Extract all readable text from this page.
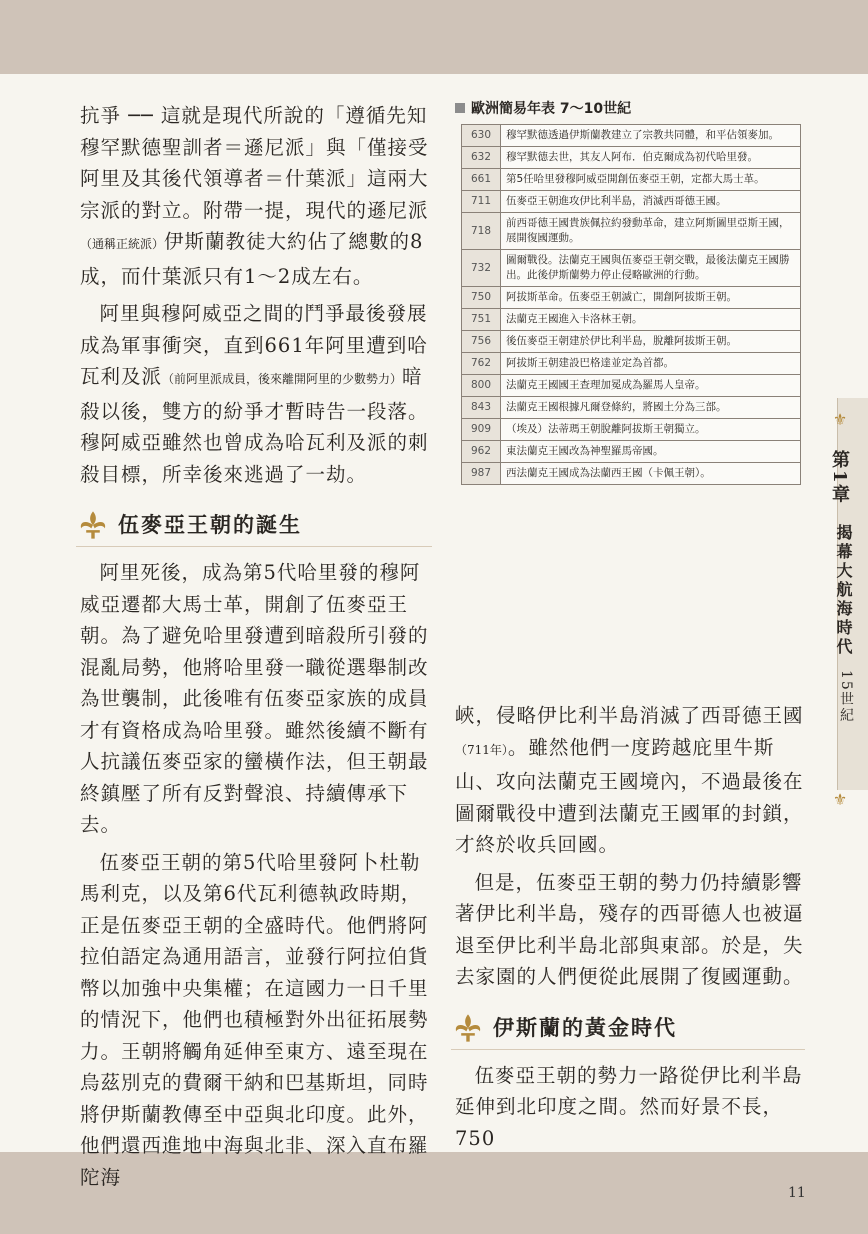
抗爭 ── 這就是現代所說的「遵循先知穆罕默德聖訓者＝遜尼派」與「僅接受阿里及其後代領導者＝什葉派」這兩大宗派的對立。附帶一提，現代的遜尼派（通稱正統派）伊斯蘭教徒大約佔了總數的8成，而什葉派只有1～2成左右。

阿里與穆阿威亞之間的鬥爭最後發展成為軍事衝突，直到661年阿里遭到哈瓦利及派（前阿里派成員，後來離開阿里的少數勢力）暗殺以後，雙方的紛爭才暫時告一段落。穆阿威亞雖然也曾成為哈瓦利及派的刺殺目標，所幸後來逃過了一劫。

伍麥亞王朝的誕生

阿里死後，成為第5代哈里發的穆阿威亞遷都大馬士革，開創了伍麥亞王朝。為了避免哈里發遭到暗殺所引發的混亂局勢，他將哈里發一職從選舉制改為世襲制，此後唯有伍麥亞家族的成員才有資格成為哈里發。雖然後續不斷有人抗議伍麥亞家的蠻橫作法，但王朝最終鎮壓了所有反對聲浪、持續傳承下去。

伍麥亞王朝的第5代哈里發阿卜杜勒馬利克，以及第6代瓦利德執政時期，正是伍麥亞王朝的全盛時代。他們將阿拉伯語定為通用語言，並發行阿拉伯貨幣以加強中央集權；在這國力一日千里的情況下，他們也積極對外出征拓展勢力。王朝將觸角延伸至東方、遠至現在烏茲別克的費爾干納和巴基斯坦，同時將伊斯蘭教傳至中亞與北印度。此外，他們還西進地中海與北非、深入直布羅陀海

歐洲簡易年表 7～10世紀
630	穆罕默德透過伊斯蘭教建立了宗教共同體，和平佔領麥加。
632	穆罕默德去世，其友人阿布．伯克爾成為初代哈里發。
661	第5任哈里發穆阿威亞開創伍麥亞王朝，定都大馬士革。
711	伍麥亞王朝進攻伊比利半島，消滅西哥德王國。
718	前西哥德王國貴族佩拉約發動革命，建立阿斯圖里亞斯王國，展開復國運動。
732	圖爾戰役。法蘭克王國與伍麥亞王朝交戰，最後法蘭克王國勝出。此後伊斯蘭勢力停止侵略歐洲的行動。
750	阿拔斯革命。伍麥亞王朝滅亡，開創阿拔斯王朝。
751	法蘭克王國進入卡洛林王朝。
756	後伍麥亞王朝建於伊比利半島，脫離阿拔斯王朝。
762	阿拔斯王朝建設巴格達並定為首都。
800	法蘭克王國國王查理加冕成為羅馬人皇帝。
843	法蘭克王國根據凡爾登條約，將國土分為三部。
909	（埃及）法蒂瑪王朝脫離阿拔斯王朝獨立。
962	東法蘭克王國改為神聖羅馬帝國。
987	西法蘭克王國成為法蘭西王國（卡佩王朝）。

峽，侵略伊比利半島消滅了西哥德王國（711年）。雖然他們一度跨越庇里牛斯山、攻向法蘭克王國境內，不過最後在圖爾戰役中遭到法蘭克王國軍的封鎖，才終於收兵回國。

但是，伍麥亞王朝的勢力仍持續影響著伊比利半島，殘存的西哥德人也被逼退至伊比利半島北部與東部。於是，失去家園的人們便從此展開了復國運動。

伊斯蘭的黃金時代

伍麥亞王朝的勢力一路從伊比利半島延伸到北印度之間。然而好景不長，750

⚜
第1章
揭幕大航海時代
15世紀
⚜
11
